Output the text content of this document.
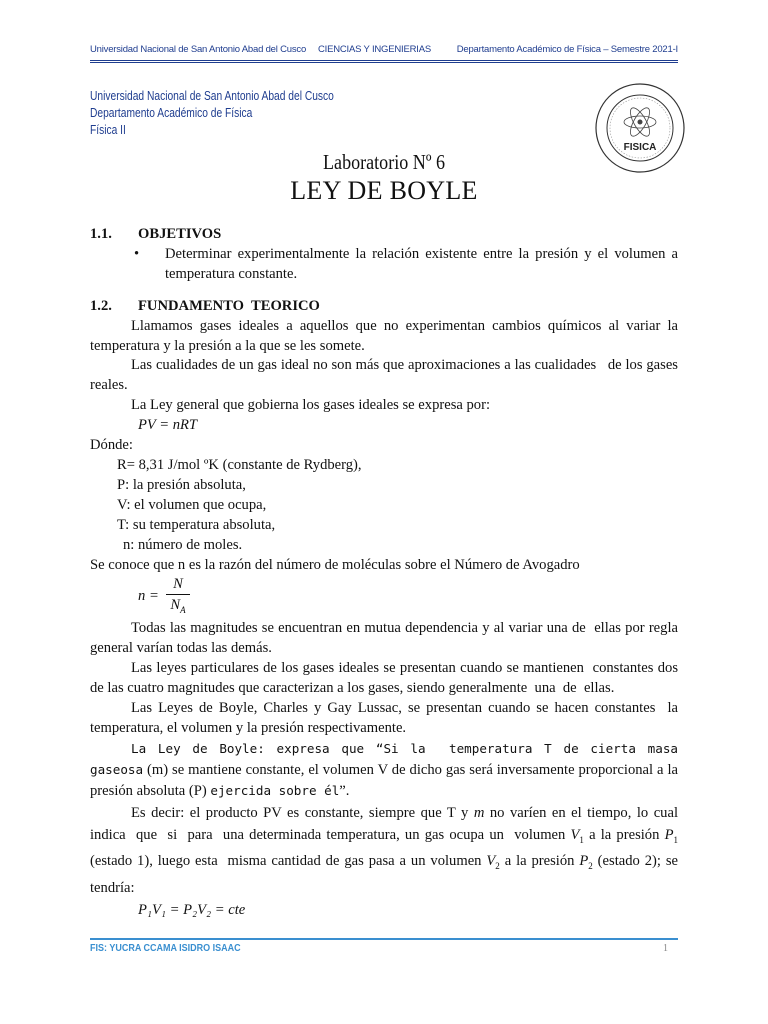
Universidad Nacional de San Antonio Abad del Cusco CIENCIAS Y INGENIERIAS	Departamento Académico de Física – Semestre 2021-I
Universidad Nacional de San Antonio Abad del Cusco
Departamento Académico de Física
Física II
FISICA
Laboratorio Nº 6
LEY DE BOYLE
1.1.	OBJETIVOS
•	Determinar experimentalmente la relación existente entre la presión y el volumen a temperatura constante.
1.2.	FUNDAMENTO  TEORICO
Llamamos gases ideales a aquellos que no experimentan cambios químicos al variar la temperatura y la presión a la que se les somete.
Las cualidades de un gas ideal no son más que aproximaciones a las cualidades   de los gases reales.
La Ley general que gobierna los gases ideales se expresa por:
PV = nRT
Dónde:
R= 8,31 J/mol ºK (constante de Rydberg),
P: la presión absoluta,
V: el volumen que ocupa,
T: su temperatura absoluta,
n: número de moles.
Se conoce que n es la razón del número de moléculas sobre el Número de Avogadro
n =
N
$N_A$
Todas las magnitudes se encuentran en mutua dependencia y al variar una de  ellas por regla general varían todas las demás.
Las leyes particulares de los gases ideales se presentan cuando se mantienen  constantes dos de las cuatro magnitudes que caracterizan a los gases, siendo generalmente  una  de  ellas.
Las Leyes de Boyle, Charles y Gay Lussac, se presentan cuando se hacen constantes  la temperatura, el volumen y la presión respectivamente.
La Ley de Boyle: expresa que “Si la  temperatura T de cierta masa gaseosa (m) se mantiene constante, el volumen V de dicho gas será inversamente proporcional a la presión absoluta (P) ejercida sobre él”.
Es decir: el producto PV es constante, siempre que T y m no varíen en el tiempo, lo cual indica  que  si  para  una determinada temperatura, un gas ocupa un  volumen $V_1$ a la presión $P_1$ (estado 1), luego esta  misma cantidad de gas pasa a un volumen $V_2$ a la presión $P_2$ (estado 2); se tendría:
P₁V₁ = P₂V₂ = cte
FIS: YUCRA CCAMA ISIDRO ISAAC	1
